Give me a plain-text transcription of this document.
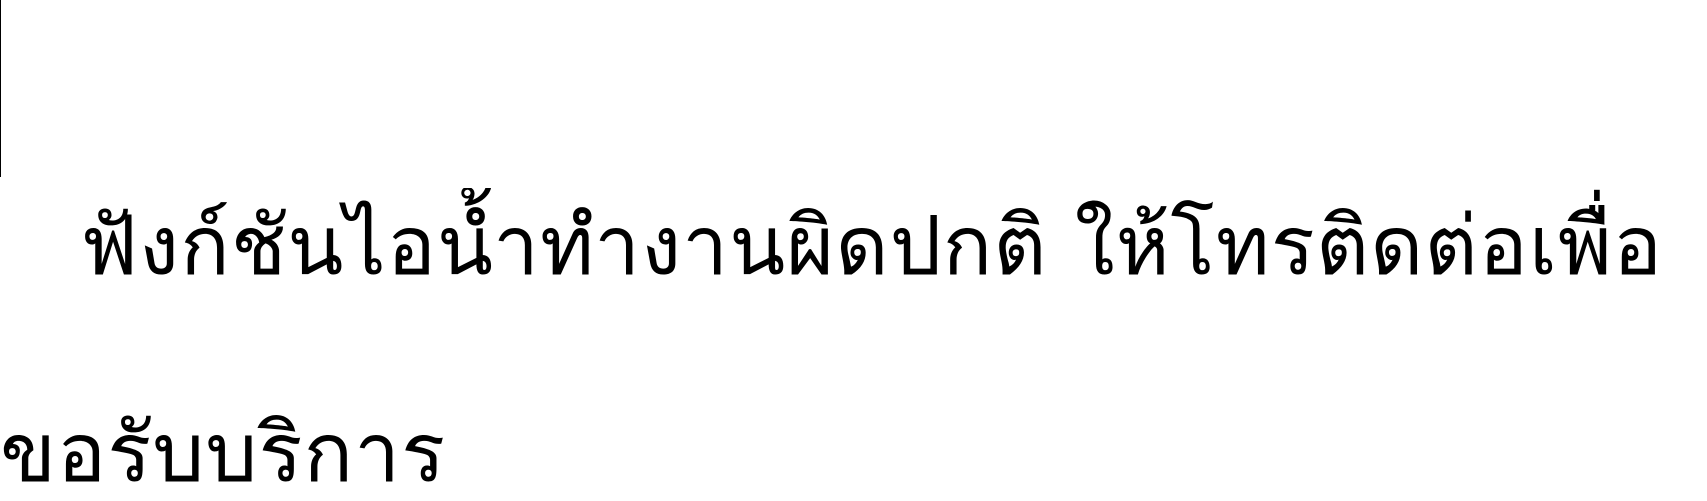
ฟังก์ชันไอน้ำทำงานผิดปกติ ให้โทรติดต่อเพื่อ
ขอรับบริการ
